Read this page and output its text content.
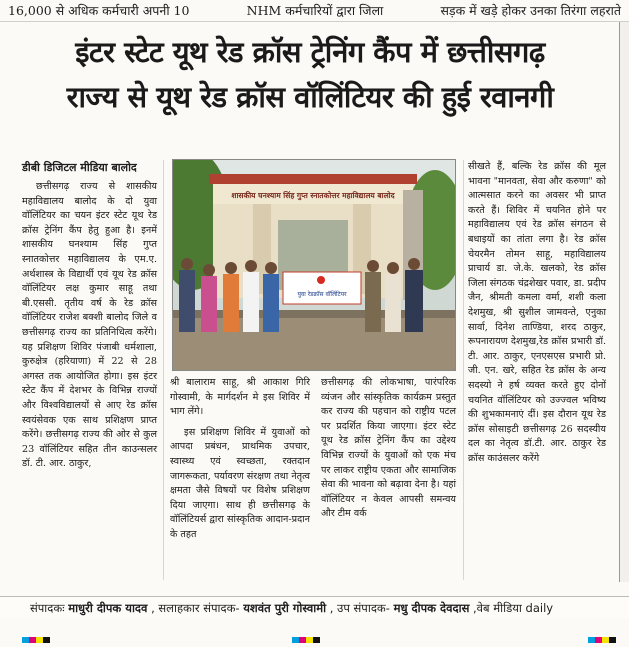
16,000 से अधिक कर्मचारी अपनी 10	NHM कर्मचारियों द्वारा जिला	सड़क में खड़े होकर उनका तिरंगा लहराते
इंटर स्टेट यूथ रेड क्रॉस ट्रेनिंग कैंप में छत्तीसगढ़
राज्य से यूथ रेड क्रॉस वॉलिंटियर की हुई रवानगी
डीबी डिजिटल मीडिया बालोद
छत्तीसगढ़ राज्य से शासकीय महाविद्यालय बालोद के दो युवा वॉलिंटियर का चयन इंटर स्टेट यूथ रेड क्रॉस ट्रेनिंग कैंप हेतु हुआ है। इनमें शासकीय घनश्याम सिंह गुप्त स्नातकोत्तर महाविद्यालय के एम.ए. अर्थशास्त्र के विद्यार्थी एवं यूथ रेड क्रॉस वॉलिंटियर लक्ष कुमार साहू तथा बी.एससी. तृतीय वर्ष के रेड क्रॉस वॉलिंटियर राजेश बक्शी बालोद जिले व छत्तीसगढ़ राज्य का प्रतिनिधित्व करेंगे। यह प्रशिक्षण शिविर पंजाबी धर्मशाला, कुरुक्षेत्र (हरियाणा) में 22 से 28 अगस्त तक आयोजित होगा। इस इंटर स्टेट कैंप में देशभर के विभिन्न राज्यों और विश्वविद्यालयों से आए रेड क्रॉस स्वयंसेवक एक साथ प्रशिक्षण प्राप्त करेंगे। छत्तीसगढ़ राज्य की ओर से कुल 23 वॉलिंटियर सहित तीन काउन्सलर डॉ. टी. आर. ठाकुर,
शासकीय घनश्याम सिंह गुप्त स्नातकोत्तर महाविद्यालय बालोद
युवा रेडक्रॉस वॉलिंटियर

श्री बालाराम साहू, श्री आकाश गिरि गोस्वामी, के मार्गदर्शन मे इस शिविर में भाग लेंगे।

इस प्रशिक्षण शिविर में युवाओं को आपदा प्रबंधन, प्राथमिक उपचार, स्वास्थ्य एवं स्वच्छता, रक्तदान जागरूकता, पर्यावरण संरक्षण तथा नेतृत्व क्षमता जैसे विषयों पर विशेष प्रशिक्षण दिया जाएगा। साथ ही छत्तीसगढ़ के वॉलिंटियर्स द्वारा सांस्कृतिक आदान-प्रदान के तहत

छत्तीसगढ़ की लोकभाषा, पारंपरिक व्यंजन और सांस्कृतिक कार्यक्रम प्रस्तुत कर राज्य की पहचान को राष्ट्रीय पटल पर प्रदर्शित किया जाएगा। इंटर स्टेट यूथ रेड क्रॉस ट्रेनिंग कैंप का उद्देश्य विभिन्न राज्यों के युवाओं को एक मंच पर लाकर राष्ट्रीय एकता और सामाजिक सेवा की भावना को बढ़ावा देना है। यहां वॉलिंटियर न केवल आपसी समन्वय और टीम वर्क
सीखते हैं, बल्कि रेड क्रॉस की मूल भावना "मानवता, सेवा और करुणा" को आत्मसात करने का अवसर भी प्राप्त करते हैं। शिविर में चयनित होने पर महाविद्यालय एवं रेड क्रॉस संगठन से बधाइयों का तांता लगा है। रेड क्रॉस चेयरमैन तोमन साहू, महाविद्यालय प्राचार्य डा. जे.के. खलको, रेड क्रॉस जिला संगठक चंद्रशेखर पवार, डा. प्रदीप जैन, श्रीमती कमला वर्मा, शशी कला देशमुख, श्री सुशील जामवन्ते, एनुका सार्वा, दिनेश ताण्डिया, शरद ठाकुर, रूपनारायण देशमुख,रेड क्रॉस प्रभारी डॉ. टी. आर. ठाकुर, एनएसएस प्रभारी प्रो. जी. एन. खरे, सहित रेड क्रॉस के अन्य सदस्यो ने हर्ष व्यक्त करते हुए दोनों चयनित वॉलिंटियर को उज्ज्वल भविष्य की शुभकामनाएं दीं। इस दौरान यूथ रेड क्रॉस सोसाइटी छत्तीसगढ़ 26 सदस्यीय दल का नेतृत्व डॉ.टी. आर. ठाकुर रेड क्रॉस काउंसलर करेंगे
संपादकः माधुरी दीपक यादव , सलाहकार संपादक- यशवंत पुरी गोस्वामी , उप संपादक- मधु दीपक देवदास ,वेब मीडिया daily
